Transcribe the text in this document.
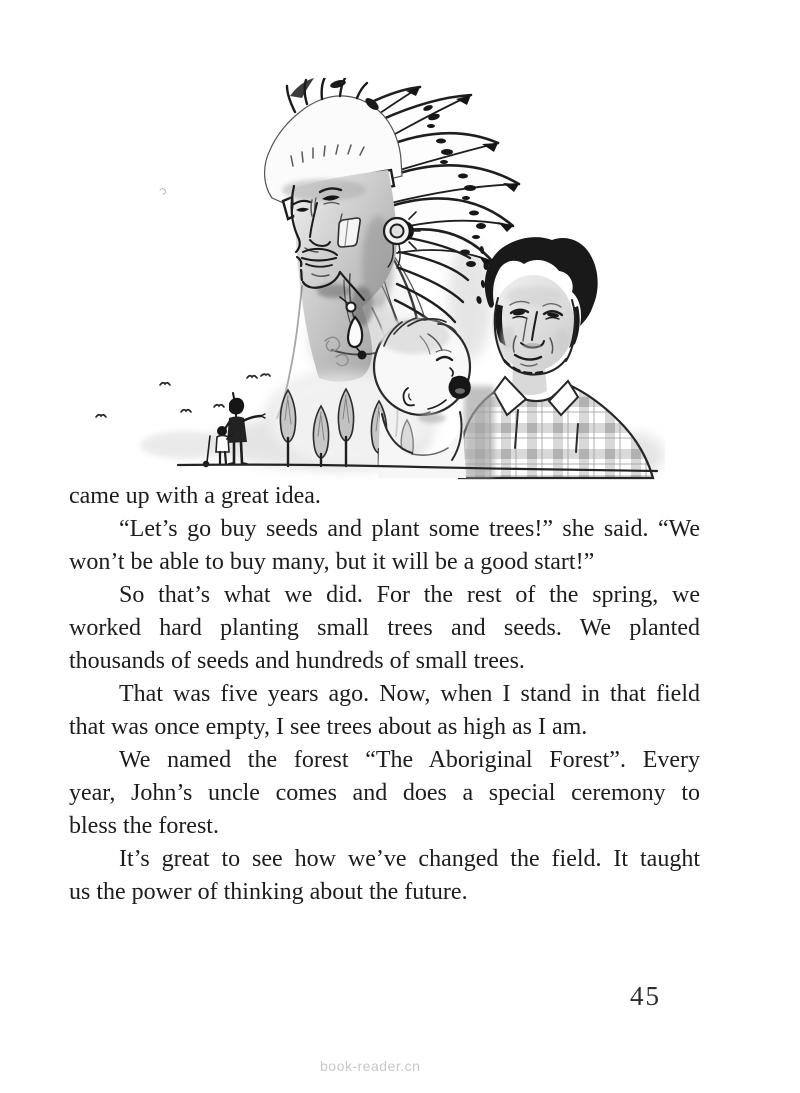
came up with a great idea.
“Let’s go buy seeds and plant some trees!” she said. “We
won’t be able to buy many, but it will be a good start!”
So that’s what we did. For the rest of the spring, we
worked hard planting small trees and seeds. We planted
thousands of seeds and hundreds of small trees.
That was five years ago. Now, when I stand in that field
that was once empty, I see trees about as high as I am.
We named the forest “The Aboriginal Forest”. Every
year, John’s uncle comes and does a special ceremony to
bless the forest.
It’s great to see how we’ve changed the field. It taught
us the power of thinking about the future.
45
book-reader.cn
